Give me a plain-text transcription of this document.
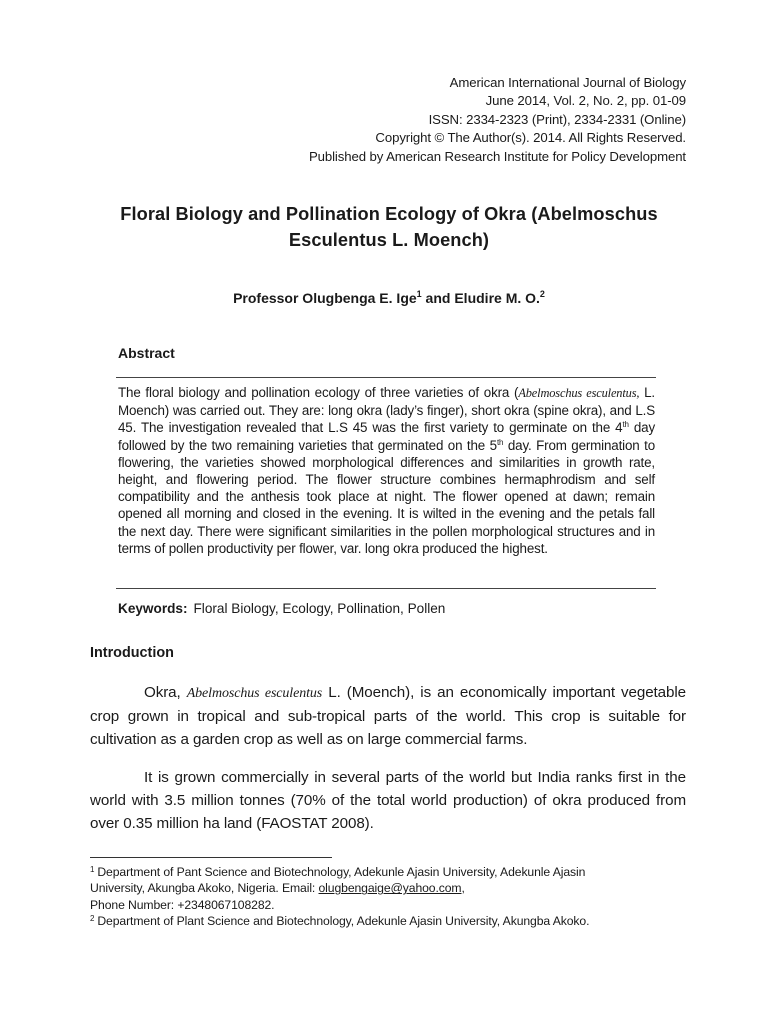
American International Journal of Biology
June 2014, Vol. 2, No. 2, pp. 01-09
ISSN: 2334-2323 (Print), 2334-2331 (Online)
Copyright © The Author(s). 2014. All Rights Reserved.
Published by American Research Institute for Policy Development
Floral Biology and Pollination Ecology of Okra (Abelmoschus
Esculentus L. Moench)
Professor Olugbenga E. Ige$^1$ and Eludire M. O.$^2$
Abstract
The floral biology and pollination ecology of three varieties of okra (Abelmoschus esculentus, L. Moench) was carried out. They are: long okra (lady’s finger), short okra (spine okra), and L.S 45. The investigation revealed that L.S 45 was the first variety to germinate on the 4th day followed by the two remaining varieties that germinated on the 5th day. From germination to flowering, the varieties showed morphological differences and similarities in growth rate, height, and flowering period. The flower structure combines hermaphrodism and self compatibility and the anthesis took place at night. The flower opened at dawn; remain opened all morning and closed in the evening. It is wilted in the evening and the petals fall the next day. There were significant similarities in the pollen morphological structures and in terms of pollen productivity per flower, var. long okra produced the highest.
Keywords: Floral Biology, Ecology, Pollination, Pollen
Introduction
Okra, Abelmoschus esculentus L. (Moench), is an economically important vegetable crop grown in tropical and sub-tropical parts of the world. This crop is suitable for cultivation as a garden crop as well as on large commercial farms.
It is grown commercially in several parts of the world but India ranks first in the world with 3.5 million tonnes (70% of the total world production) of okra produced from over 0.35 million ha land (FAOSTAT 2008).
$^1$ Department of Pant Science and Biotechnology, Adekunle Ajasin University, Adekunle Ajasin
University, Akungba Akoko, Nigeria. Email: olugbengaige@yahoo.com,
Phone Number: +2348067108282.
$^2$ Department of Plant Science and Biotechnology, Adekunle Ajasin University, Akungba Akoko.
